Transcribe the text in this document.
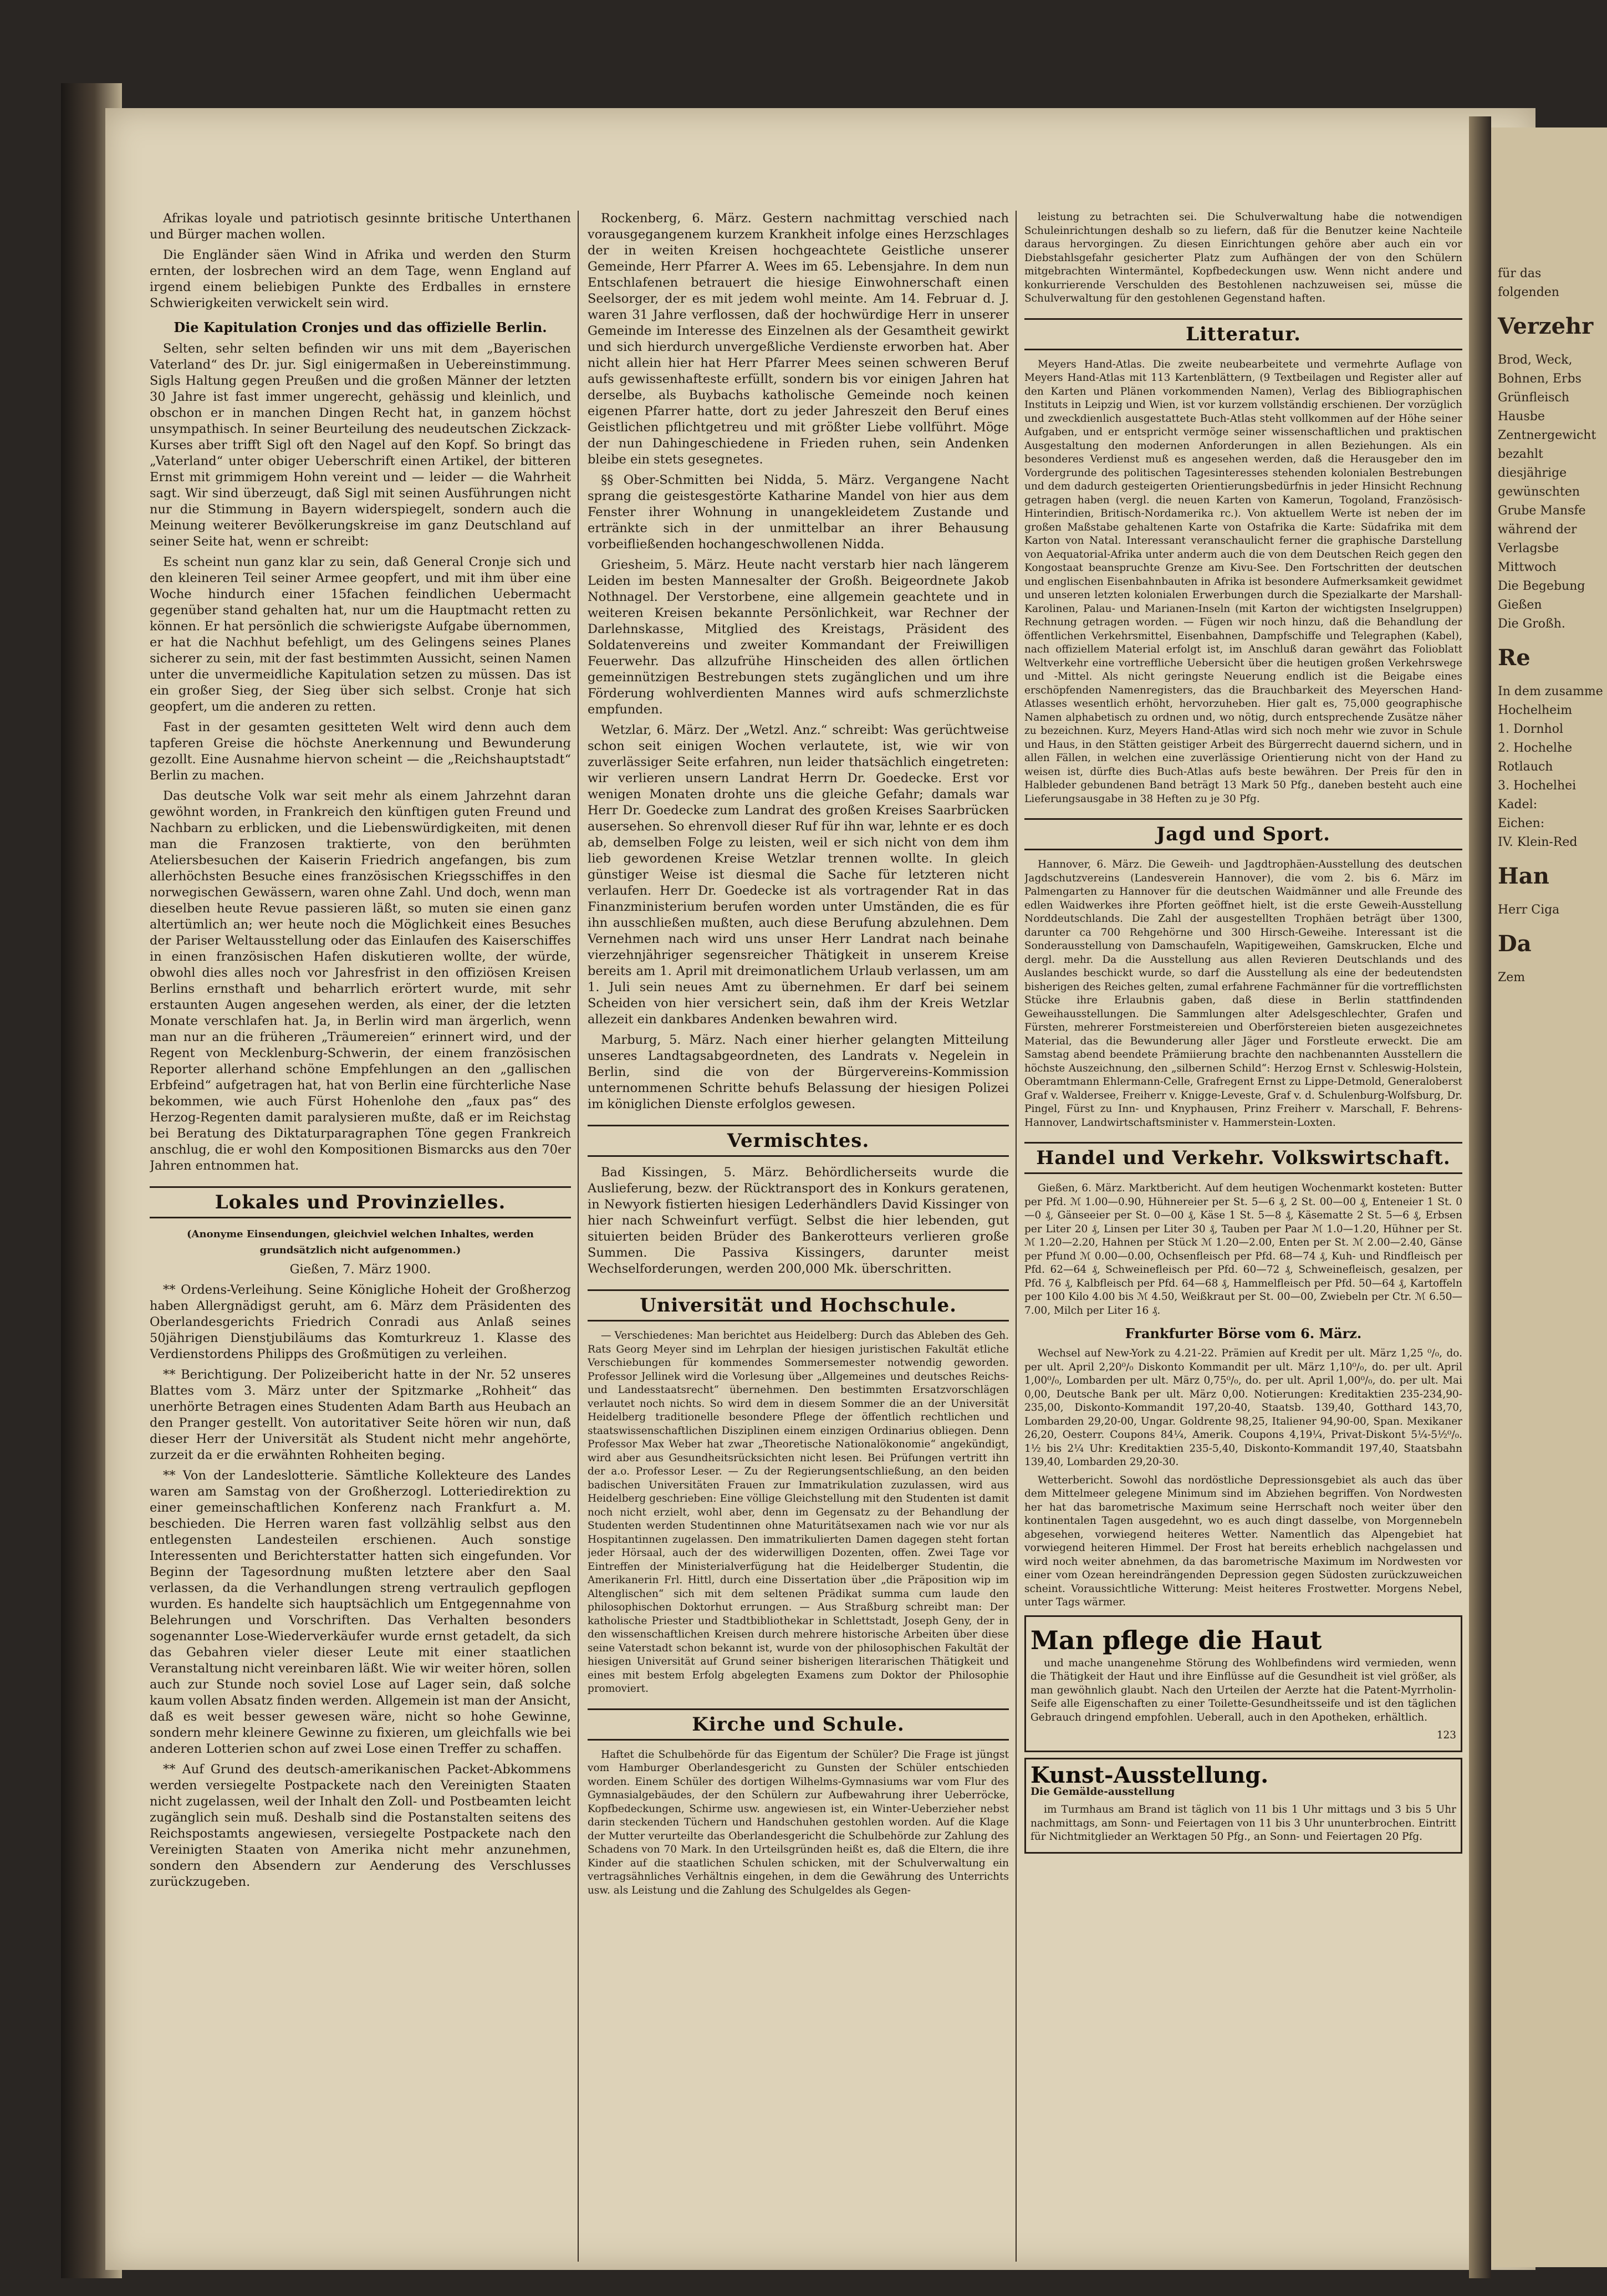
Afrikas loyale und patriotisch gesinnte britische Unterthanen und Bürger machen wollen.

Die Engländer säen Wind in Afrika und werden den Sturm ernten, der losbrechen wird an dem Tage, wenn England auf irgend einem beliebigen Punkte des Erdballes in ernstere Schwierigkeiten verwickelt sein wird.

Die Kapitulation Cronjes und das offizielle Berlin.

Selten, sehr selten befinden wir uns mit dem „Bayerischen Vaterland“ des Dr. jur. Sigl einigermaßen in Uebereinstimmung. Sigls Haltung gegen Preußen und die großen Männer der letzten 30 Jahre ist fast immer ungerecht, gehässig und kleinlich, und obschon er in manchen Dingen Recht hat, in ganzem höchst unsympathisch. In seiner Beurteilung des neudeutschen Zickzack-Kurses aber trifft Sigl oft den Nagel auf den Kopf. So bringt das „Vaterland“ unter obiger Ueberschrift einen Artikel, der bitteren Ernst mit grimmigem Hohn vereint und — leider — die Wahrheit sagt. Wir sind überzeugt, daß Sigl mit seinen Ausführungen nicht nur die Stimmung in Bayern widerspiegelt, sondern auch die Meinung weiterer Bevölkerungskreise im ganz Deutschland auf seiner Seite hat, wenn er schreibt:

Es scheint nun ganz klar zu sein, daß General Cronje sich und den kleineren Teil seiner Armee geopfert, und mit ihm über eine Woche hindurch einer 15fachen feindlichen Uebermacht gegenüber stand gehalten hat, nur um die Hauptmacht retten zu können. Er hat persönlich die schwierigste Aufgabe übernommen, er hat die Nachhut befehligt, um des Gelingens seines Planes sicherer zu sein, mit der fast bestimmten Aussicht, seinen Namen unter die unvermeidliche Kapitulation setzen zu müssen. Das ist ein großer Sieg, der Sieg über sich selbst. Cronje hat sich geopfert, um die anderen zu retten.

Fast in der gesamten gesitteten Welt wird denn auch dem tapferen Greise die höchste Anerkennung und Bewunderung gezollt. Eine Ausnahme hiervon scheint — die „Reichshauptstadt“ Berlin zu machen.

Das deutsche Volk war seit mehr als einem Jahrzehnt daran gewöhnt worden, in Frankreich den künftigen guten Freund und Nachbarn zu erblicken, und die Liebenswürdigkeiten, mit denen man die Franzosen traktierte, von den berühmten Ateliersbesuchen der Kaiserin Friedrich angefangen, bis zum allerhöchsten Besuche eines französischen Kriegsschiffes in den norwegischen Gewässern, waren ohne Zahl. Und doch, wenn man dieselben heute Revue passieren läßt, so muten sie einen ganz altertümlich an; wer heute noch die Möglichkeit eines Besuches der Pariser Weltausstellung oder das Einlaufen des Kaiserschiffes in einen französischen Hafen diskutieren wollte, der würde, obwohl dies alles noch vor Jahresfrist in den offiziösen Kreisen Berlins ernsthaft und beharrlich erörtert wurde, mit sehr erstaunten Augen angesehen werden, als einer, der die letzten Monate verschlafen hat. Ja, in Berlin wird man ärgerlich, wenn man nur an die früheren „Träumereien“ erinnert wird, und der Regent von Mecklenburg-Schwerin, der einem französischen Reporter allerhand schöne Empfehlungen an den „gallischen Erbfeind“ aufgetragen hat, hat von Berlin eine fürchterliche Nase bekommen, wie auch Fürst Hohenlohe den „faux pas“ des Herzog-Regenten damit paralysieren mußte, daß er im Reichstag bei Beratung des Diktaturparagraphen Töne gegen Frankreich anschlug, die er wohl den Kompositionen Bismarcks aus den 70er Jahren entnommen hat.

Lokales und Provinzielles.

(Anonyme Einsendungen, gleichviel welchen Inhaltes, werden grundsätzlich nicht aufgenommen.)

Gießen, 7. März 1900.

** Ordens-Verleihung. Seine Königliche Hoheit der Großherzog haben Allergnädigst geruht, am 6. März dem Präsidenten des Oberlandesgerichts Friedrich Conradi aus Anlaß seines 50jährigen Dienstjubiläums das Komturkreuz 1. Klasse des Verdienstordens Philipps des Großmütigen zu verleihen.

** Berichtigung. Der Polizeibericht hatte in der Nr. 52 unseres Blattes vom 3. März unter der Spitzmarke „Rohheit“ das unerhörte Betragen eines Studenten Adam Barth aus Heubach an den Pranger gestellt. Von autoritativer Seite hören wir nun, daß dieser Herr der Universität als Student nicht mehr angehörte, zurzeit da er die erwähnten Rohheiten beging.

** Von der Landeslotterie. Sämtliche Kollekteure des Landes waren am Samstag von der Großherzogl. Lotteriedirektion zu einer gemeinschaftlichen Konferenz nach Frankfurt a. M. beschieden. Die Herren waren fast vollzählig selbst aus den entlegensten Landesteilen erschienen. Auch sonstige Interessenten und Berichterstatter hatten sich eingefunden. Vor Beginn der Tagesordnung mußten letztere aber den Saal verlassen, da die Verhandlungen streng vertraulich gepflogen wurden. Es handelte sich hauptsächlich um Entgegennahme von Belehrungen und Vorschriften. Das Verhalten besonders sogenannter Lose-Wiederverkäufer wurde ernst getadelt, da sich das Gebahren vieler dieser Leute mit einer staatlichen Veranstaltung nicht vereinbaren läßt. Wie wir weiter hören, sollen auch zur Stunde noch soviel Lose auf Lager sein, daß solche kaum vollen Absatz finden werden. Allgemein ist man der Ansicht, daß es weit besser gewesen wäre, nicht so hohe Gewinne, sondern mehr kleinere Gewinne zu fixieren, um gleichfalls wie bei anderen Lotterien schon auf zwei Lose einen Treffer zu schaffen.

** Auf Grund des deutsch-amerikanischen Packet-Abkommens werden versiegelte Postpackete nach den Vereinigten Staaten nicht zugelassen, weil der Inhalt den Zoll- und Postbeamten leicht zugänglich sein muß. Deshalb sind die Postanstalten seitens des Reichspostamts angewiesen, versiegelte Postpackete nach den Vereinigten Staaten von Amerika nicht mehr anzunehmen, sondern den Absendern zur Aenderung des Verschlusses zurückzugeben.

Rockenberg, 6. März. Gestern nachmittag verschied nach vorausgegangenem kurzem Krankheit infolge eines Herzschlages der in weiten Kreisen hochgeachtete Geistliche unserer Gemeinde, Herr Pfarrer A. Wees im 65. Lebensjahre. In dem nun Entschlafenen betrauert die hiesige Einwohnerschaft einen Seelsorger, der es mit jedem wohl meinte. Am 14. Februar d. J. waren 31 Jahre verflossen, daß der hochwürdige Herr in unserer Gemeinde im Interesse des Einzelnen als der Gesamtheit gewirkt und sich hierdurch unvergeßliche Verdienste erworben hat. Aber nicht allein hier hat Herr Pfarrer Mees seinen schweren Beruf aufs gewissenhafteste erfüllt, sondern bis vor einigen Jahren hat derselbe, als Buybachs katholische Gemeinde noch keinen eigenen Pfarrer hatte, dort zu jeder Jahreszeit den Beruf eines Geistlichen pflichtgetreu und mit größter Liebe vollführt. Möge der nun Dahingeschiedene in Frieden ruhen, sein Andenken bleibe ein stets gesegnetes.

§§ Ober-Schmitten bei Nidda, 5. März. Vergangene Nacht sprang die geistesgestörte Katharine Mandel von hier aus dem Fenster ihrer Wohnung in unangekleidetem Zustande und ertränkte sich in der unmittelbar an ihrer Behausung vorbeifließenden hochangeschwollenen Nidda.

Griesheim, 5. März. Heute nacht verstarb hier nach längerem Leiden im besten Mannesalter der Großh. Beigeordnete Jakob Nothnagel. Der Verstorbene, eine allgemein geachtete und in weiteren Kreisen bekannte Persönlichkeit, war Rechner der Darlehnskasse, Mitglied des Kreistags, Präsident des Soldatenvereins und zweiter Kommandant der Freiwilligen Feuerwehr. Das allzufrühe Hinscheiden des allen örtlichen gemeinnützigen Bestrebungen stets zugänglichen und um ihre Förderung wohlverdienten Mannes wird aufs schmerzlichste empfunden.

Wetzlar, 6. März. Der „Wetzl. Anz.“ schreibt: Was gerüchtweise schon seit einigen Wochen verlautete, ist, wie wir von zuverlässiger Seite erfahren, nun leider thatsächlich eingetreten: wir verlieren unsern Landrat Herrn Dr. Goedecke. Erst vor wenigen Monaten drohte uns die gleiche Gefahr; damals war Herr Dr. Goedecke zum Landrat des großen Kreises Saarbrücken ausersehen. So ehrenvoll dieser Ruf für ihn war, lehnte er es doch ab, demselben Folge zu leisten, weil er sich nicht von dem ihm lieb gewordenen Kreise Wetzlar trennen wollte. In gleich günstiger Weise ist diesmal die Sache für letzteren nicht verlaufen. Herr Dr. Goedecke ist als vortragender Rat in das Finanzministerium berufen worden unter Umständen, die es für ihn ausschließen mußten, auch diese Berufung abzulehnen. Dem Vernehmen nach wird uns unser Herr Landrat nach beinahe vierzehnjähriger segensreicher Thätigkeit in unserem Kreise bereits am 1. April mit dreimonatlichem Urlaub verlassen, um am 1. Juli sein neues Amt zu übernehmen. Er darf bei seinem Scheiden von hier versichert sein, daß ihm der Kreis Wetzlar allezeit ein dankbares Andenken bewahren wird.

Marburg, 5. März. Nach einer hierher gelangten Mitteilung unseres Landtagsabgeordneten, des Landrats v. Negelein in Berlin, sind die von der Bürgervereins-Kommission unternommenen Schritte behufs Belassung der hiesigen Polizei im königlichen Dienste erfolglos gewesen.

Vermischtes.

Bad Kissingen, 5. März. Behördlicherseits wurde die Auslieferung, bezw. der Rücktransport des in Konkurs geratenen, in Newyork fistierten hiesigen Lederhändlers David Kissinger von hier nach Schweinfurt verfügt. Selbst die hier lebenden, gut situierten beiden Brüder des Bankerotteurs verlieren große Summen. Die Passiva Kissingers, darunter meist Wechselforderungen, werden 200,000 Mk. überschritten.

Universität und Hochschule.

— Verschiedenes: Man berichtet aus Heidelberg: Durch das Ableben des Geh. Rats Georg Meyer sind im Lehrplan der hiesigen juristischen Fakultät etliche Verschiebungen für kommendes Sommersemester notwendig geworden. Professor Jellinek wird die Vorlesung über „Allgemeines und deutsches Reichs- und Landesstaatsrecht“ übernehmen. Den bestimmten Ersatzvorschlägen verlautet noch nichts. So wird dem in diesem Sommer die an der Universität Heidelberg traditionelle besondere Pflege der öffentlich rechtlichen und staatswissenschaftlichen Disziplinen einem einzigen Ordinarius obliegen. Denn Professor Max Weber hat zwar „Theoretische Nationalökonomie“ angekündigt, wird aber aus Gesundheitsrücksichten nicht lesen. Bei Prüfungen vertritt ihn der a.o. Professor Leser. — Zu der Regierungsentschließung, an den beiden badischen Universitäten Frauen zur Immatrikulation zuzulassen, wird aus Heidelberg geschrieben: Eine völlige Gleichstellung mit den Studenten ist damit noch nicht erzielt, wohl aber, denn im Gegensatz zu der Behandlung der Studenten werden Studentinnen ohne Maturitätsexamen nach wie vor nur als Hospitantinnen zugelassen. Den immatrikulierten Damen dagegen steht fortan jeder Hörsaal, auch der des widerwilligen Dozenten, offen. Zwei Tage vor Eintreffen der Ministerialverfügung hat die Heidelberger Studentin, die Amerikanerin Frl. Hittl, durch eine Dissertation über „die Präposition wip im Altenglischen“ sich mit dem seltenen Prädikat summa cum laude den philosophischen Doktorhut errungen. — Aus Straßburg schreibt man: Der katholische Priester und Stadtbibliothekar in Schlettstadt, Joseph Geny, der in den wissenschaftlichen Kreisen durch mehrere historische Arbeiten über diese seine Vaterstadt schon bekannt ist, wurde von der philosophischen Fakultät der hiesigen Universität auf Grund seiner bisherigen literarischen Thätigkeit und eines mit bestem Erfolg abgelegten Examens zum Doktor der Philosophie promoviert.

Kirche und Schule.

Haftet die Schulbehörde für das Eigentum der Schüler? Die Frage ist jüngst vom Hamburger Oberlandesgericht zu Gunsten der Schüler entschieden worden. Einem Schüler des dortigen Wilhelms-Gymnasiums war vom Flur des Gymnasialgebäudes, der den Schülern zur Aufbewahrung ihrer Ueberröcke, Kopfbedeckungen, Schirme usw. angewiesen ist, ein Winter-Ueberzieher nebst darin steckenden Tüchern und Handschuhen gestohlen worden. Auf die Klage der Mutter verurteilte das Oberlandesgericht die Schulbehörde zur Zahlung des Schadens von 70 Mark. In den Urteilsgründen heißt es, daß die Eltern, die ihre Kinder auf die staatlichen Schulen schicken, mit der Schulverwaltung ein vertragsähnliches Verhältnis eingehen, in dem die Gewährung des Unterrichts usw. als Leistung und die Zahlung des Schulgeldes als Gegen-

leistung zu betrachten sei. Die Schulverwaltung habe die notwendigen Schuleinrichtungen deshalb so zu liefern, daß für die Benutzer keine Nachteile daraus hervorgingen. Zu diesen Einrichtungen gehöre aber auch ein vor Diebstahlsgefahr gesicherter Platz zum Aufhängen der von den Schülern mitgebrachten Wintermäntel, Kopfbedeckungen usw. Wenn nicht andere und konkurrierende Verschulden des Bestohlenen nachzuweisen sei, müsse die Schulverwaltung für den gestohlenen Gegenstand haften.

Litteratur.

Meyers Hand-Atlas. Die zweite neubearbeitete und vermehrte Auflage von Meyers Hand-Atlas mit 113 Kartenblättern, (9 Textbeilagen und Register aller auf den Karten und Plänen vorkommenden Namen), Verlag des Bibliographischen Instituts in Leipzig und Wien, ist vor kurzem vollständig erschienen. Der vorzüglich und zweckdienlich ausgestattete Buch-Atlas steht vollkommen auf der Höhe seiner Aufgaben, und er entspricht vermöge seiner wissenschaftlichen und praktischen Ausgestaltung den modernen Anforderungen in allen Beziehungen. Als ein besonderes Verdienst muß es angesehen werden, daß die Herausgeber den im Vordergrunde des politischen Tagesinteresses stehenden kolonialen Bestrebungen und dem dadurch gesteigerten Orientierungsbedürfnis in jeder Hinsicht Rechnung getragen haben (vergl. die neuen Karten von Kamerun, Togoland, Französisch-Hinterindien, Britisch-Nordamerika rc.). Von aktuellem Werte ist neben der im großen Maßstabe gehaltenen Karte von Ostafrika die Karte: Südafrika mit dem Karton von Natal. Interessant veranschaulicht ferner die graphische Darstellung von Aequatorial-Afrika unter anderm auch die von dem Deutschen Reich gegen den Kongostaat beanspruchte Grenze am Kivu-See. Den Fortschritten der deutschen und englischen Eisenbahnbauten in Afrika ist besondere Aufmerksamkeit gewidmet und unseren letzten kolonialen Erwerbungen durch die Spezialkarte der Marshall-Karolinen, Palau- und Marianen-Inseln (mit Karton der wichtigsten Inselgruppen) Rechnung getragen worden. — Fügen wir noch hinzu, daß die Behandlung der öffentlichen Verkehrsmittel, Eisenbahnen, Dampfschiffe und Telegraphen (Kabel), nach offiziellem Material erfolgt ist, im Anschluß daran gewährt das Folioblatt Weltverkehr eine vortreffliche Uebersicht über die heutigen großen Verkehrswege und -Mittel. Als nicht geringste Neuerung endlich ist die Beigabe eines erschöpfenden Namenregisters, das die Brauchbarkeit des Meyerschen Hand-Atlasses wesentlich erhöht, hervorzuheben. Hier galt es, 75,000 geographische Namen alphabetisch zu ordnen und, wo nötig, durch entsprechende Zusätze näher zu bezeichnen. Kurz, Meyers Hand-Atlas wird sich noch mehr wie zuvor in Schule und Haus, in den Stätten geistiger Arbeit des Bürgerrecht dauernd sichern, und in allen Fällen, in welchen eine zuverlässige Orientierung nicht von der Hand zu weisen ist, dürfte dies Buch-Atlas aufs beste bewähren. Der Preis für den in Halbleder gebundenen Band beträgt 13 Mark 50 Pfg., daneben besteht auch eine Lieferungsausgabe in 38 Heften zu je 30 Pfg.

Jagd und Sport.

Hannover, 6. März. Die Geweih- und Jagdtrophäen-Ausstellung des deutschen Jagdschutzvereins (Landesverein Hannover), die vom 2. bis 6. März im Palmengarten zu Hannover für die deutschen Waidmänner und alle Freunde des edlen Waidwerkes ihre Pforten geöffnet hielt, ist die erste Geweih-Ausstellung Norddeutschlands. Die Zahl der ausgestellten Trophäen beträgt über 1300, darunter ca 700 Rehgehörne und 300 Hirsch-Geweihe. Interessant ist die Sonderausstellung von Damschaufeln, Wapitigeweihen, Gamskrucken, Elche und dergl. mehr. Da die Ausstellung aus allen Revieren Deutschlands und des Auslandes beschickt wurde, so darf die Ausstellung als eine der bedeutendsten bisherigen des Reiches gelten, zumal erfahrene Fachmänner für die vortrefflichsten Stücke ihre Erlaubnis gaben, daß diese in Berlin stattfindenden Geweihausstellungen. Die Sammlungen alter Adelsgeschlechter, Grafen und Fürsten, mehrerer Forstmeistereien und Oberförstereien bieten ausgezeichnetes Material, das die Bewunderung aller Jäger und Forstleute erweckt. Die am Samstag abend beendete Prämiierung brachte den nachbenannten Ausstellern die höchste Auszeichnung, den „silbernen Schild“: Herzog Ernst v. Schleswig-Holstein, Oberamtmann Ehlermann-Celle, Grafregent Ernst zu Lippe-Detmold, Generaloberst Graf v. Waldersee, Freiherr v. Knigge-Leveste, Graf v. d. Schulenburg-Wolfsburg, Dr. Pingel, Fürst zu Inn- und Knyphausen, Prinz Freiherr v. Marschall, F. Behrens-Hannover, Landwirtschaftsminister v. Hammerstein-Loxten.

Handel und Verkehr. Volkswirtschaft.

Gießen, 6. März. Marktbericht. Auf dem heutigen Wochenmarkt kosteten: Butter per Pfd. ℳ 1.00—0.90, Hühnereier per St. 5—6 ₰, 2 St. 00—00 ₰, Enteneier 1 St. 0—0 ₰, Gänseeier per St. 0—00 ₰, Käse 1 St. 5—8 ₰, Käsematte 2 St. 5—6 ₰, Erbsen per Liter 20 ₰, Linsen per Liter 30 ₰, Tauben per Paar ℳ 1.0—1.20, Hühner per St. ℳ 1.20—2.20, Hahnen per Stück ℳ 1.20—2.00, Enten per St. ℳ 2.00—2.40, Gänse per Pfund ℳ 0.00—0.00, Ochsenfleisch per Pfd. 68—74 ₰, Kuh- und Rindfleisch per Pfd. 62—64 ₰, Schweinefleisch per Pfd. 60—72 ₰, Schweinefleisch, gesalzen, per Pfd. 76 ₰, Kalbfleisch per Pfd. 64—68 ₰, Hammelfleisch per Pfd. 50—64 ₰, Kartoffeln per 100 Kilo 4.00 bis ℳ 4.50, Weißkraut per St. 00—00, Zwiebeln per Ctr. ℳ 6.50—7.00, Milch per Liter 16 ₰.

Frankfurter Börse vom 6. März.

Wechsel auf New-York zu 4.21-22. Prämien auf Kredit per ult. März 1,25 ⁰/₀, do. per ult. April 2,20⁰/₀ Diskonto Kommandit per ult. März 1,10⁰/₀, do. per ult. April 1,00⁰/₀, Lombarden per ult. März 0,75⁰/₀, do. per ult. April 1,00⁰/₀, do. per ult. Mai 0,00, Deutsche Bank per ult. März 0,00. Notierungen: Kreditaktien 235-234,90-235,00, Diskonto-Kommandit 197,20-40, Staatsb. 139,40, Gotthard 143,70, Lombarden 29,20-00, Ungar. Goldrente 98,25, Italiener 94,90-00, Span. Mexikaner 26,20, Oesterr. Coupons 84¼, Amerik. Coupons 4,19¼, Privat-Diskont 5¼-5½⁰/₀. 1½ bis 2¼ Uhr: Kreditaktien 235-5,40, Diskonto-Kommandit 197,40, Staatsbahn 139,40, Lombarden 29,20-30.

Wetterbericht. Sowohl das nordöstliche Depressionsgebiet als auch das über dem Mittelmeer gelegene Minimum sind im Abziehen begriffen. Von Nordwesten her hat das barometrische Maximum seine Herrschaft noch weiter über den kontinentalen Tagen ausgedehnt, wo es auch dingt dasselbe, von Morgennebeln abgesehen, vorwiegend heiteres Wetter. Namentlich das Alpengebiet hat vorwiegend heiteren Himmel. Der Frost hat bereits erheblich nachgelassen und wird noch weiter abnehmen, da das barometrische Maximum im Nordwesten vor einer vom Ozean hereindrängenden Depression gegen Südosten zurückzuweichen scheint. Voraussichtliche Witterung: Meist heiteres Frostwetter. Morgens Nebel, unter Tags wärmer.

Man pflege die Haut

und mache unangenehme Störung des Wohlbefindens wird vermieden, wenn die Thätigkeit der Haut und ihre Einflüsse auf die Gesundheit ist viel größer, als man gewöhnlich glaubt. Nach den Urteilen der Aerzte hat die Patent-Myrrholin-Seife alle Eigenschaften zu einer Toilette-Gesundheitsseife und ist den täglichen Gebrauch dringend empfohlen. Ueberall, auch in den Apotheken, erhältlich.

123

Kunst-Ausstellung.

Die Gemälde-ausstellung

im Turmhaus am Brand ist täglich von 11 bis 1 Uhr mittags und 3 bis 5 Uhr nachmittags, am Sonn- und Feiertagen von 11 bis 3 Uhr ununterbrochen. Eintritt für Nichtmitglieder an Werktagen 50 Pfg., an Sonn- und Feiertagen 20 Pfg.

für das
folgenden
Verzehr
Brod, Weck,
Bohnen, Erbs
Grünfleisch
Hausbe
Zentnergewicht
bezahlt
diesjährige
gewünschten
Grube Mansfe
während der
Verlagsbe
Mittwoch
Die Begebung
Gießen
Die Großh.
Re
In dem zusamme
Hochelheim
1. Dornhol
2. Hochelhe
Rotlauch
3. Hochelhei
Kadel:
Eichen:
IV. Klein-Red
Han
Herr Ciga
Da
Zem
